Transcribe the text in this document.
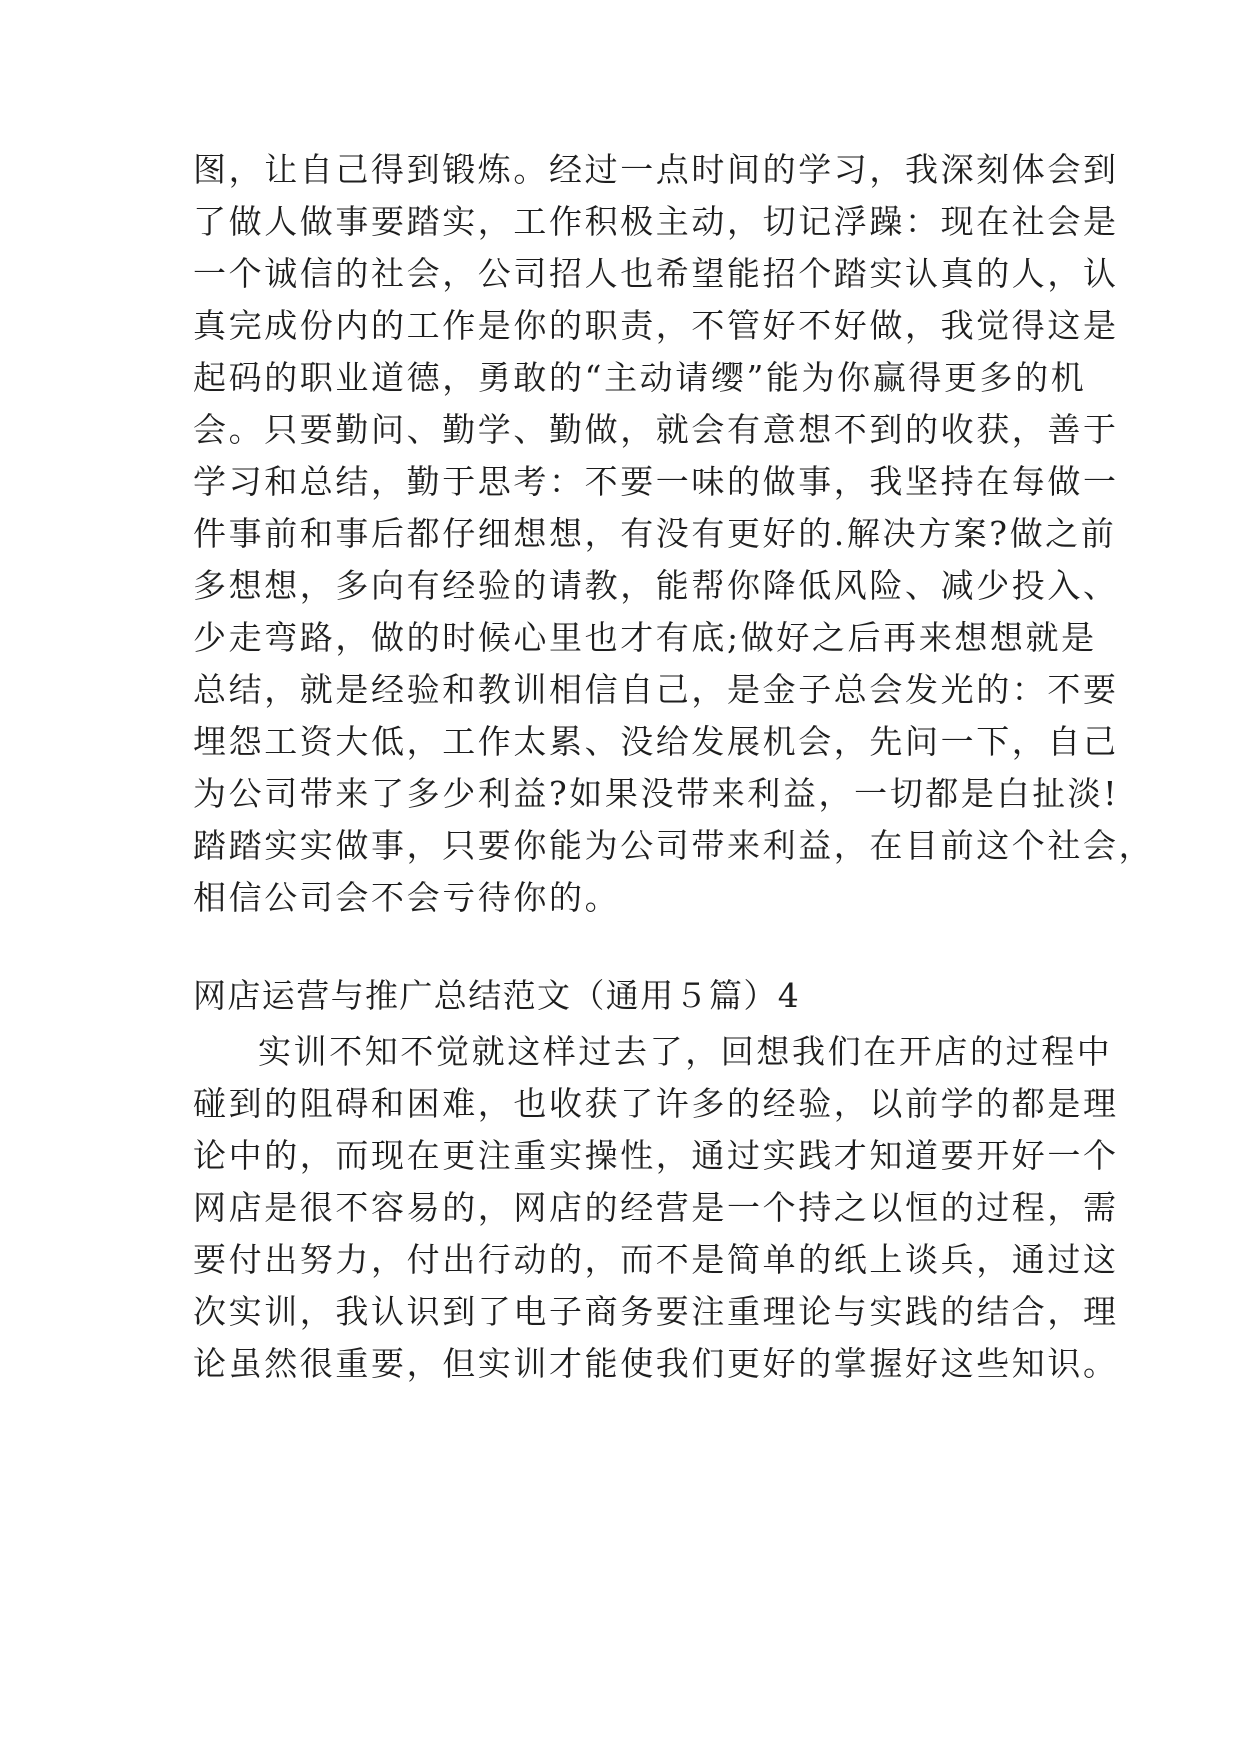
图，让自己得到锻炼。经过一点时间的学习，我深刻体会到
了做人做事要踏实，工作积极主动，切记浮躁：现在社会是
一个诚信的社会，公司招人也希望能招个踏实认真的人，认
真完成份内的工作是你的职责，不管好不好做，我觉得这是
起码的职业道德，勇敢的“主动请缨”能为你赢得更多的机
会。只要勤问、勤学、勤做，就会有意想不到的收获，善于
学习和总结，勤于思考：不要一味的做事，我坚持在每做一
件事前和事后都仔细想想，有没有更好的.解决方案?做之前
多想想，多向有经验的请教，能帮你降低风险、减少投入、
少走弯路，做的时候心里也才有底;做好之后再来想想就是
总结，就是经验和教训相信自己，是金子总会发光的：不要
埋怨工资大低，工作太累、没给发展机会，先问一下，自己
为公司带来了多少利益?如果没带来利益，一切都是白扯淡!
踏踏实实做事，只要你能为公司带来利益，在目前这个社会，
相信公司会不会亏待你的。
网店运营与推广总结范文（通用５篇）4
实训不知不觉就这样过去了，回想我们在开店的过程中
碰到的阻碍和困难，也收获了许多的经验，以前学的都是理
论中的，而现在更注重实操性，通过实践才知道要开好一个
网店是很不容易的，网店的经营是一个持之以恒的过程，需
要付出努力，付出行动的，而不是简单的纸上谈兵，通过这
次实训，我认识到了电子商务要注重理论与实践的结合，理
论虽然很重要，但实训才能使我们更好的掌握好这些知识。
